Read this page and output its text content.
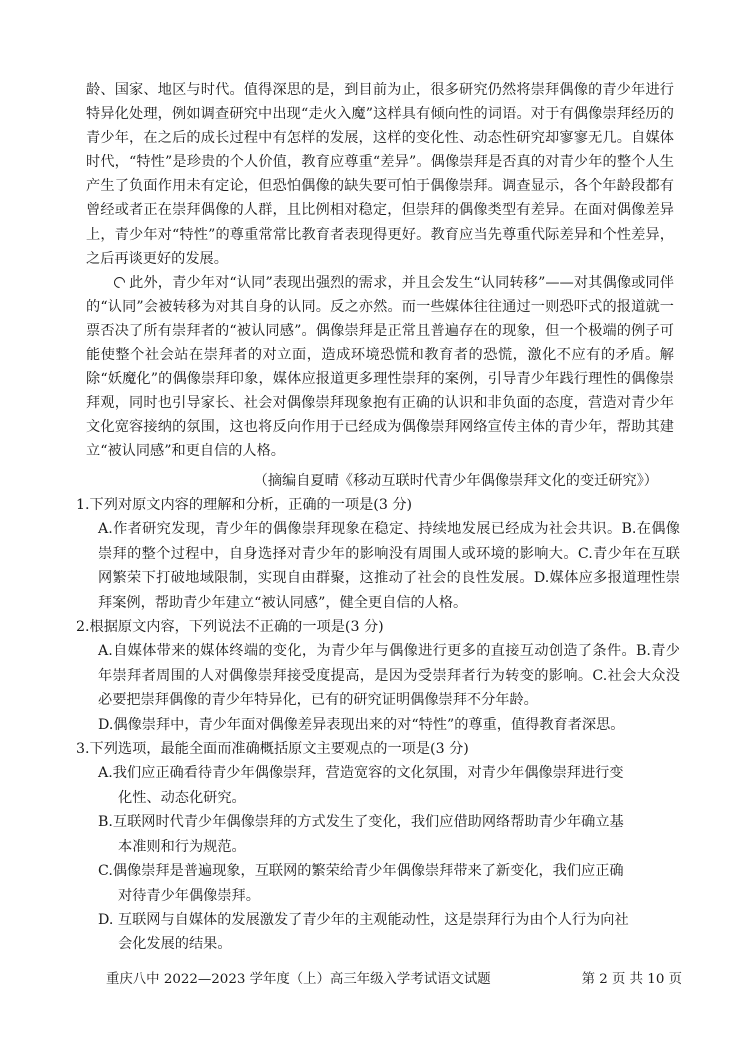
龄、国家、地区与时代。值得深思的是，到目前为止，很多研究仍然将崇拜偶像的青少年进行特异化处理，例如调查研究中出现“走火入魔”这样具有倾向性的词语。对于有偶像崇拜经历的青少年，在之后的成长过程中有怎样的发展，这样的变化性、动态性研究却寥寥无几。自媒体时代，“特性”是珍贵的个人价值，教育应尊重“差异”。偶像崇拜是否真的对青少年的整个人生产生了负面作用未有定论，但恐怕偶像的缺失要可怕于偶像崇拜。调查显示，各个年龄段都有曾经或者正在崇拜偶像的人群，且比例相对稳定，但崇拜的偶像类型有差异。在面对偶像差异上，青少年对“特性”的尊重常常比教育者表现得更好。教育应当先尊重代际差异和个性差异，之后再谈更好的发展。

此外，青少年对“认同”表现出强烈的需求，并且会发生“认同转移”——对其偶像或同伴的“认同”会被转移为对其自身的认同。反之亦然。而一些媒体往往通过一则恐吓式的报道就一票否决了所有崇拜者的“被认同感”。偶像崇拜是正常且普遍存在的现象，但一个极端的例子可能使整个社会站在崇拜者的对立面，造成环境恐慌和教育者的恐慌，激化不应有的矛盾。解除“妖魔化”的偶像崇拜印象，媒体应报道更多理性崇拜的案例，引导青少年践行理性的偶像崇拜观，同时也引导家长、社会对偶像崇拜现象抱有正确的认识和非负面的态度，营造对青少年文化宽容接纳的氛围，这也将反向作用于已经成为偶像崇拜网络宣传主体的青少年，帮助其建立“被认同感”和更自信的人格。

（摘编自夏晴《移动互联时代青少年偶像崇拜文化的变迁研究》）

1.下列对原文内容的理解和分析，正确的一项是(3 分)

A.作者研究发现，青少年的偶像崇拜现象在稳定、持续地发展已经成为社会共识。B.在偶像崇拜的整个过程中，自身选择对青少年的影响没有周围人或环境的影响大。C.青少年在互联网繁荣下打破地域限制，实现自由群聚，这推动了社会的良性发展。D.媒体应多报道理性崇拜案例，帮助青少年建立“被认同感”，健全更自信的人格。

2.根据原文内容，下列说法不正确的一项是(3 分)

A.自媒体带来的媒体终端的变化，为青少年与偶像进行更多的直接互动创造了条件。B.青少年崇拜者周围的人对偶像崇拜接受度提高，是因为受崇拜者行为转变的影响。C.社会大众没必要把崇拜偶像的青少年特异化，已有的研究证明偶像崇拜不分年龄。
D.偶像崇拜中，青少年面对偶像差异表现出来的对“特性”的尊重，值得教育者深思。

3.下列选项，最能全面而准确概括原文主要观点的一项是(3 分)

A.我们应正确看待青少年偶像崇拜，营造宽容的文化氛围，对青少年偶像崇拜进行变
化性、动态化研究。
B.互联网时代青少年偶像崇拜的方式发生了变化，我们应借助网络帮助青少年确立基
本准则和行为规范。
C.偶像崇拜是普遍现象，互联网的繁荣给青少年偶像崇拜带来了新变化，我们应正确
对待青少年偶像崇拜。
D. 互联网与自媒体的发展激发了青少年的主观能动性，这是崇拜行为由个人行为向社
会化发展的结果。
重庆八中 2022—2023 学年度（上）高三年级入学考试语文试题	第 2 页 共 10 页
